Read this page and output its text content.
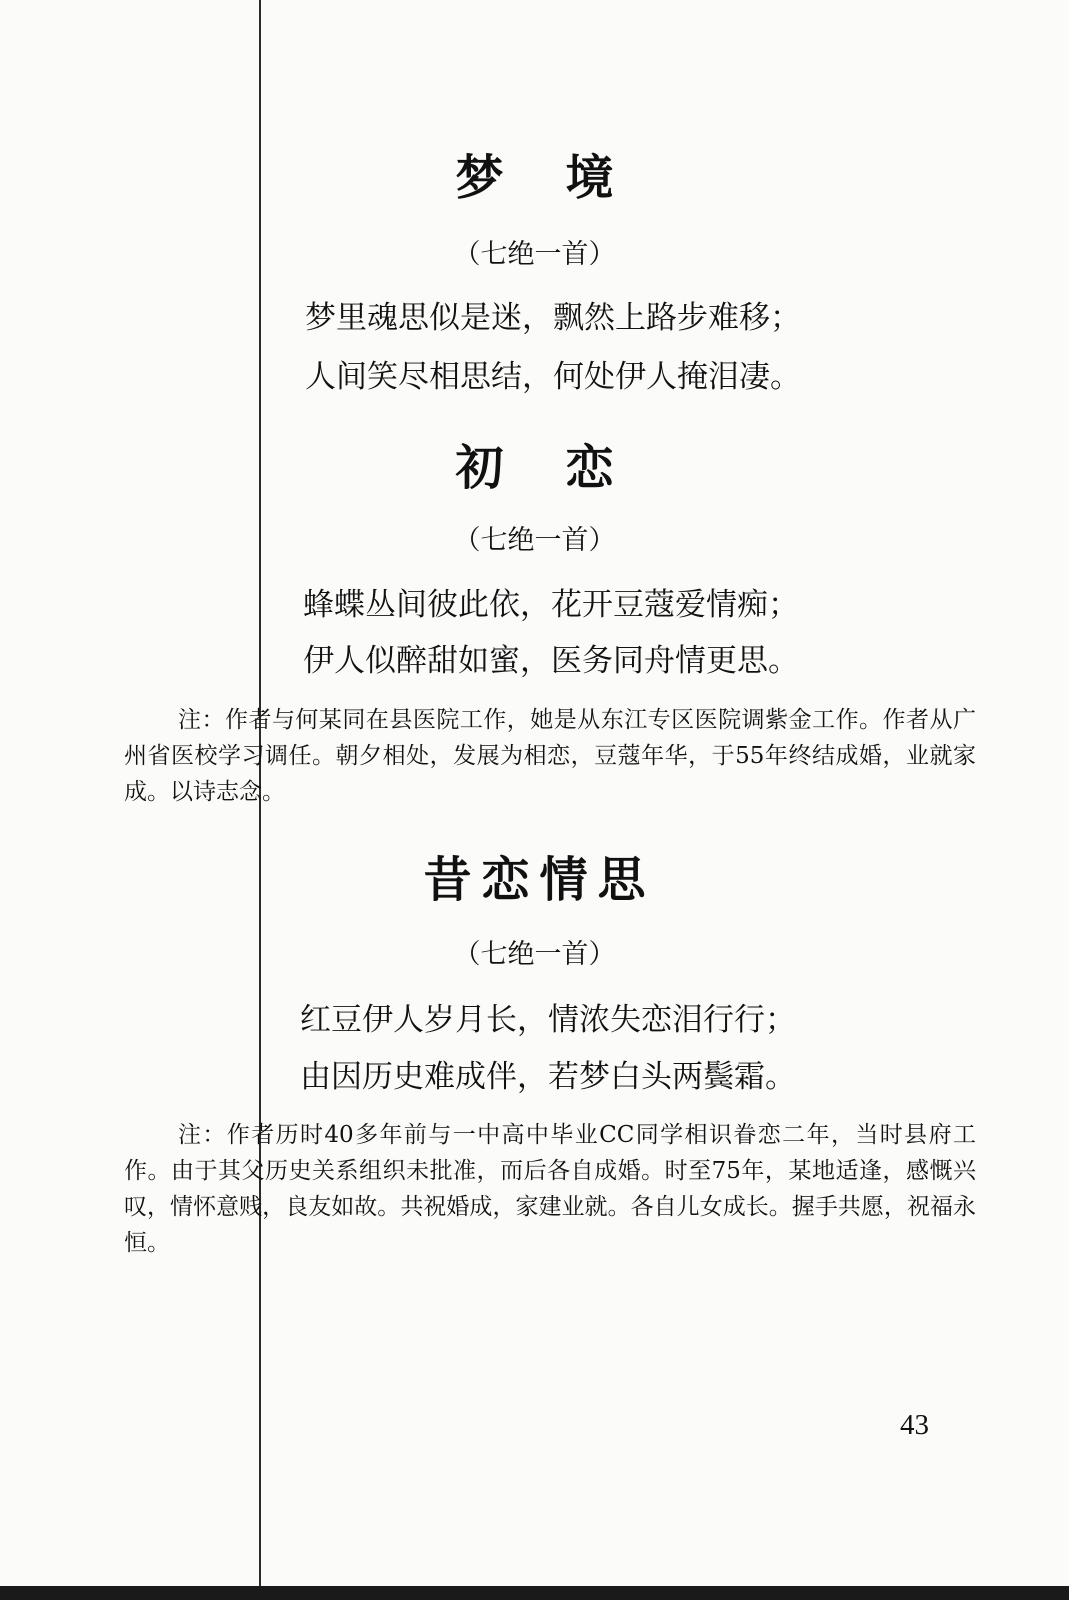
梦境
（七绝一首）
梦里魂思似是迷，飘然上路步难移；
人间笑尽相思结，何处伊人掩泪凄。
初恋
（七绝一首）
蜂蝶丛间彼此依，花开豆蔻爱情痴；
伊人似醉甜如蜜，医务同舟情更思。
注：作者与何某同在县医院工作，她是从东江专区医院调紫金工作。作者从广州省医校学习调任。朝夕相处，发展为相恋，豆蔻年华，于55年终结成婚，业就家成。以诗志念。
昔恋情思
（七绝一首）
红豆伊人岁月长，情浓失恋泪行行；
由因历史难成伴，若梦白头两鬓霜。
注：作者历时40多年前与一中高中毕业CC同学相识眷恋二年，当时县府工作。由于其父历史关系组织未批准，而后各自成婚。时至75年，某地适逢，感慨兴叹，情怀意贱，良友如故。共祝婚成，家建业就。各自儿女成长。握手共愿，祝福永恒。
43
